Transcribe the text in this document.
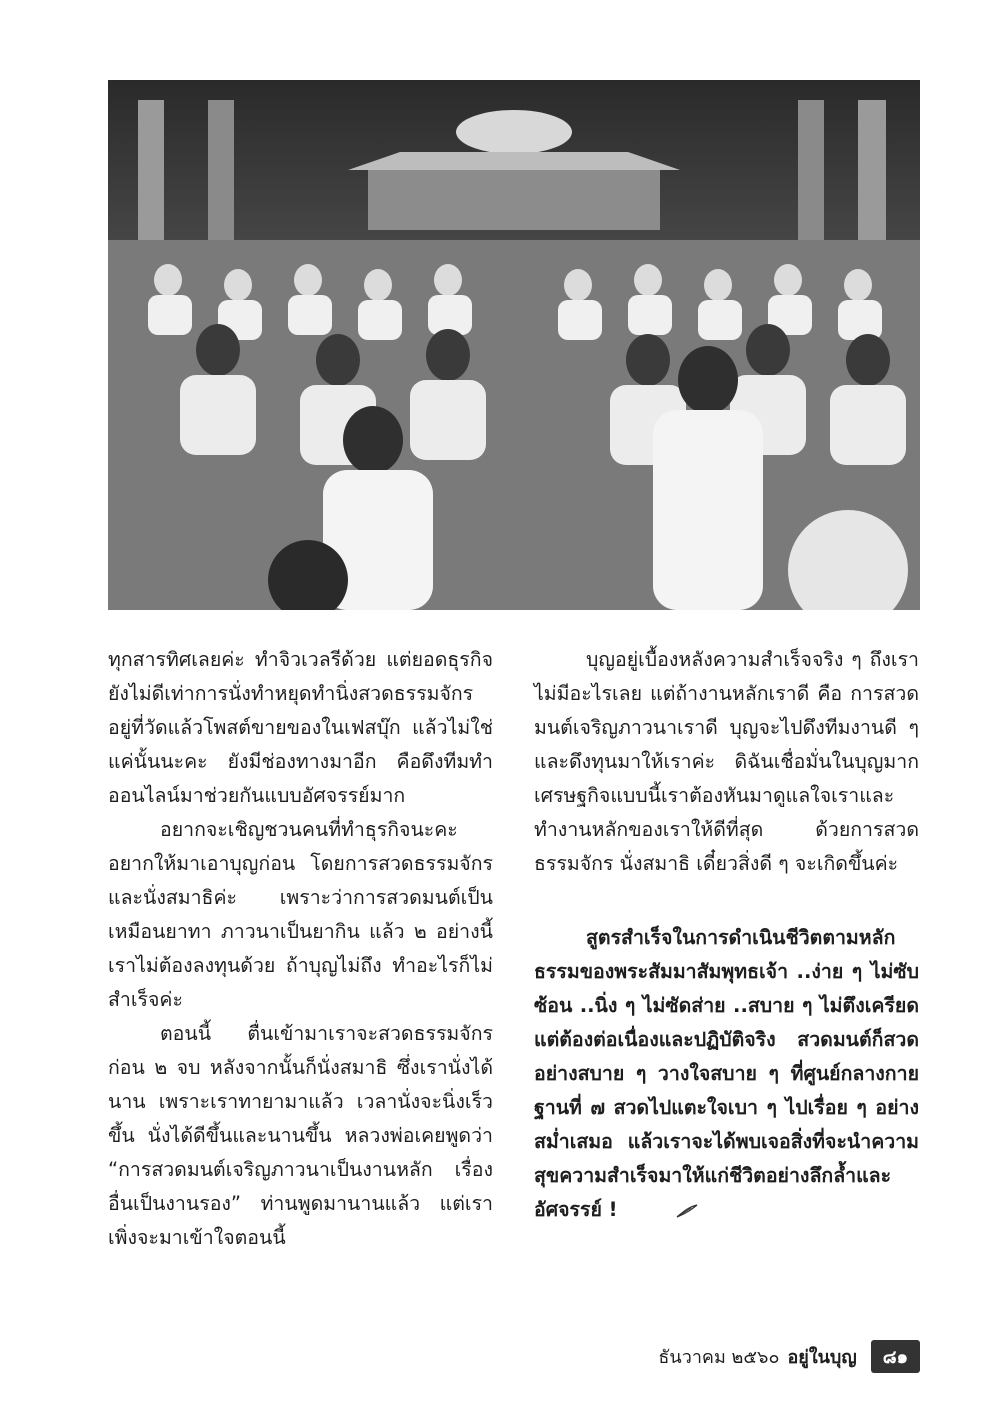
ทุกสารทิศเลยค่ะ ทำจิวเวลรีด้วย แต่ยอดธุรกิจยังไม่ดีเท่าการนั่งทำหยุดทำนิ่งสวดธรรมจักรอยู่ที่วัดแล้วโพสต์ขายของในเฟสบุ๊ก แล้วไม่ใช่แค่นั้นนะคะ ยังมีช่องทางมาอีก คือดึงทีมทำออนไลน์มาช่วยกันแบบอัศจรรย์มาก

อยากจะเชิญชวนคนที่ทำธุรกิจนะคะ อยากให้มาเอาบุญก่อน โดยการสวดธรรมจักร และนั่งสมาธิค่ะ เพราะว่าการสวดมนต์เป็นเหมือนยาทา ภาวนาเป็นยากิน แล้ว ๒ อย่างนี้เราไม่ต้องลงทุนด้วย ถ้าบุญไม่ถึง ทำอะไรก็ไม่สำเร็จค่ะ

ตอนนี้ ตื่นเข้ามาเราจะสวดธรรมจักรก่อน ๒ จบ หลังจากนั้นก็นั่งสมาธิ ซึ่งเรานั่งได้นาน เพราะเราทายามาแล้ว เวลานั่งจะนิ่งเร็วขึ้น นั่งได้ดีขึ้นและนานขึ้น หลวงพ่อเคยพูดว่า “การสวดมนต์เจริญภาวนาเป็นงานหลัก เรื่องอื่นเป็นงานรอง” ท่านพูดมานานแล้ว แต่เราเพิ่งจะมาเข้าใจตอนนี้

บุญอยู่เบื้องหลังความสำเร็จจริง ๆ ถึงเราไม่มีอะไรเลย แต่ถ้างานหลักเราดี คือ การสวดมนต์เจริญภาวนาเราดี บุญจะไปดึงทีมงานดี ๆ และดึงทุนมาให้เราค่ะ ดิฉันเชื่อมั่นในบุญมาก เศรษฐกิจแบบนี้เราต้องหันมาดูแลใจเราและทำงานหลักของเราให้ดีที่สุด ด้วยการสวดธรรมจักร นั่งสมาธิ เดี๋ยวสิ่งดี ๆ จะเกิดขึ้นค่ะ

สูตรสำเร็จในการดำเนินชีวิตตามหลักธรรมของพระสัมมาสัมพุทธเจ้า ..ง่าย ๆ ไม่ซับซ้อน ..นิ่ง ๆ ไม่ซัดส่าย ..สบาย ๆ ไม่ตึงเครียด แต่ต้องต่อเนื่องและปฏิบัติจริง สวดมนต์ก็สวดอย่างสบาย ๆ วางใจสบาย ๆ ที่ศูนย์กลางกายฐานที่ ๗ สวดไปแตะใจเบา ๆ ไปเรื่อย ๆ อย่างสม่ำเสมอ แล้วเราจะได้พบเจอสิ่งที่จะนำความสุขความสำเร็จมาให้แก่ชีวิตอย่างลึกล้ำและอัศจรรย์ !

ธันวาคม ๒๕๖๐ อยู่ในบุญ	๘๑
